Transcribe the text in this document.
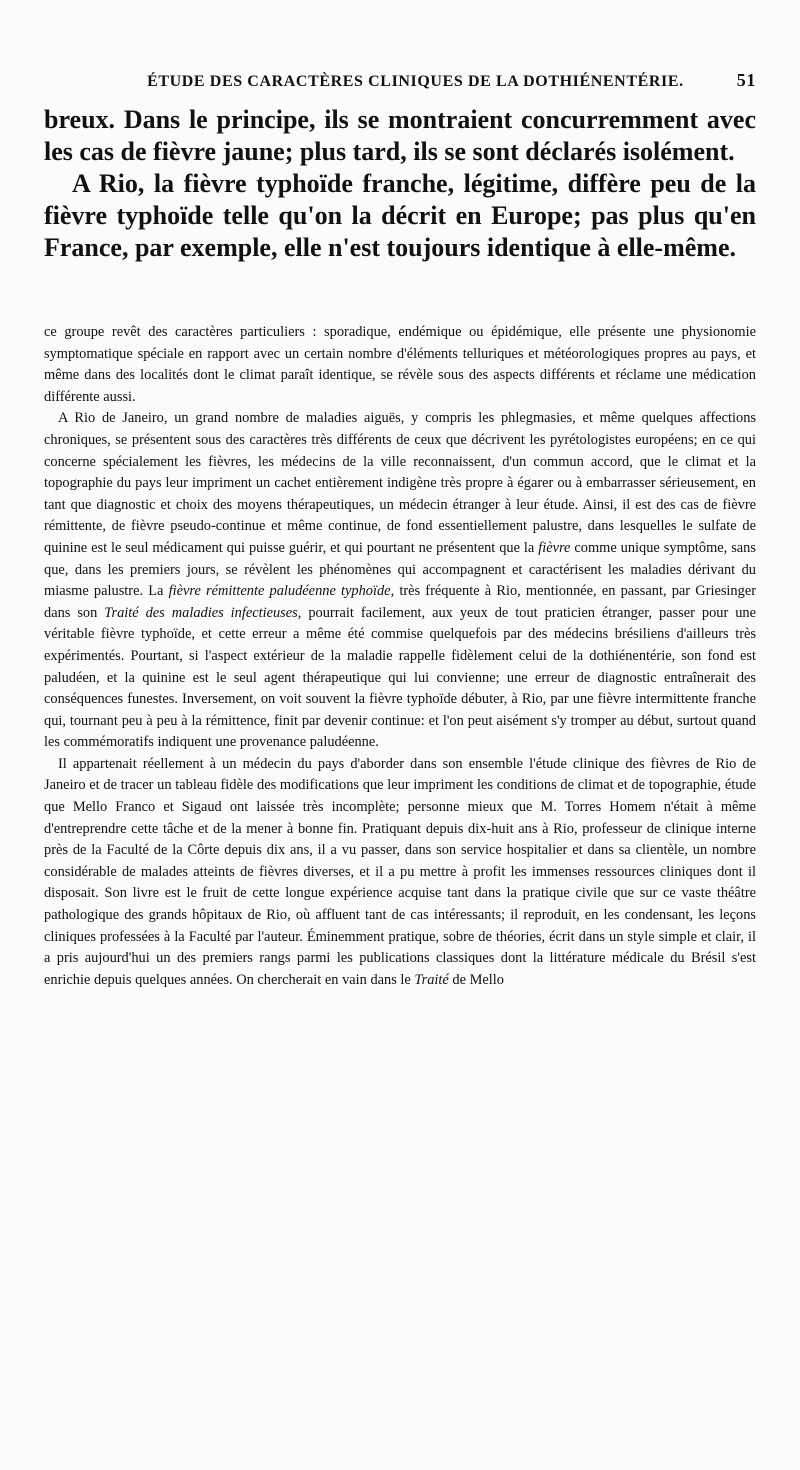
ÉTUDE DES CARACTÈRES CLINIQUES DE LA DOTHIÉNENTÉRIE.	51

breux. Dans le principe, ils se montraient concurremment avec les cas de fièvre jaune; plus tard, ils se sont déclarés isolément.

A Rio, la fièvre typhoïde franche, légitime, diffère peu de la fièvre typhoïde telle qu'on la décrit en Europe; pas plus qu'en France, par exemple, elle n'est toujours identique à elle-même.

ce groupe revêt des caractères particuliers : sporadique, endémique ou épidémique, elle présente une physionomie symptomatique spéciale en rapport avec un certain nombre d'éléments telluriques et météorologiques propres au pays, et même dans des localités dont le climat paraît identique, se révèle sous des aspects différents et réclame une médication différente aussi.

A Rio de Janeiro, un grand nombre de maladies aiguës, y compris les phlegmasies, et même quelques affections chroniques, se présentent sous des caractères très différents de ceux que décrivent les pyrétologistes européens; en ce qui concerne spécialement les fièvres, les médecins de la ville reconnaissent, d'un commun accord, que le climat et la topographie du pays leur impriment un cachet entièrement indigène très propre à égarer ou à embarrasser sérieusement, en tant que diagnostic et choix des moyens thérapeutiques, un médecin étranger à leur étude. Ainsi, il est des cas de fièvre rémittente, de fièvre pseudo-continue et même continue, de fond essentiellement palustre, dans lesquelles le sulfate de quinine est le seul médicament qui puisse guérir, et qui pourtant ne présentent que la fièvre comme unique symptôme, sans que, dans les premiers jours, se révèlent les phénomènes qui accompagnent et caractérisent les maladies dérivant du miasme palustre. La fièvre rémittente paludéenne typhoïde, très fréquente à Rio, mentionnée, en passant, par Griesinger dans son Traité des maladies infectieuses, pourrait facilement, aux yeux de tout praticien étranger, passer pour une véritable fièvre typhoïde, et cette erreur a même été commise quelquefois par des médecins brésiliens d'ailleurs très expérimentés. Pourtant, si l'aspect extérieur de la maladie rappelle fidèlement celui de la dothiénentérie, son fond est paludéen, et la quinine est le seul agent thérapeutique qui lui convienne; une erreur de diagnostic entraînerait des conséquences funestes. Inversement, on voit souvent la fièvre typhoïde débuter, à Rio, par une fièvre intermittente franche qui, tournant peu à peu à la rémittence, finit par devenir continue: et l'on peut aisément s'y tromper au début, surtout quand les commémoratifs indiquent une provenance paludéenne.

Il appartenait réellement à un médecin du pays d'aborder dans son ensemble l'étude clinique des fièvres de Rio de Janeiro et de tracer un tableau fidèle des modifications que leur impriment les conditions de climat et de topographie, étude que Mello Franco et Sigaud ont laissée très incomplète; personne mieux que M. Torres Homem n'était à même d'entreprendre cette tâche et de la mener à bonne fin. Pratiquant depuis dix-huit ans à Rio, professeur de clinique interne près de la Faculté de la Côrte depuis dix ans, il a vu passer, dans son service hospitalier et dans sa clientèle, un nombre considérable de malades atteints de fièvres diverses, et il a pu mettre à profit les immenses ressources cliniques dont il disposait. Son livre est le fruit de cette longue expérience acquise tant dans la pratique civile que sur ce vaste théâtre pathologique des grands hôpitaux de Rio, où affluent tant de cas intéressants; il reproduit, en les condensant, les leçons cliniques professées à la Faculté par l'auteur. Éminemment pratique, sobre de théories, écrit dans un style simple et clair, il a pris aujourd'hui un des premiers rangs parmi les publications classiques dont la littérature médicale du Brésil s'est enrichie depuis quelques années. On chercherait en vain dans le Traité de Mello
